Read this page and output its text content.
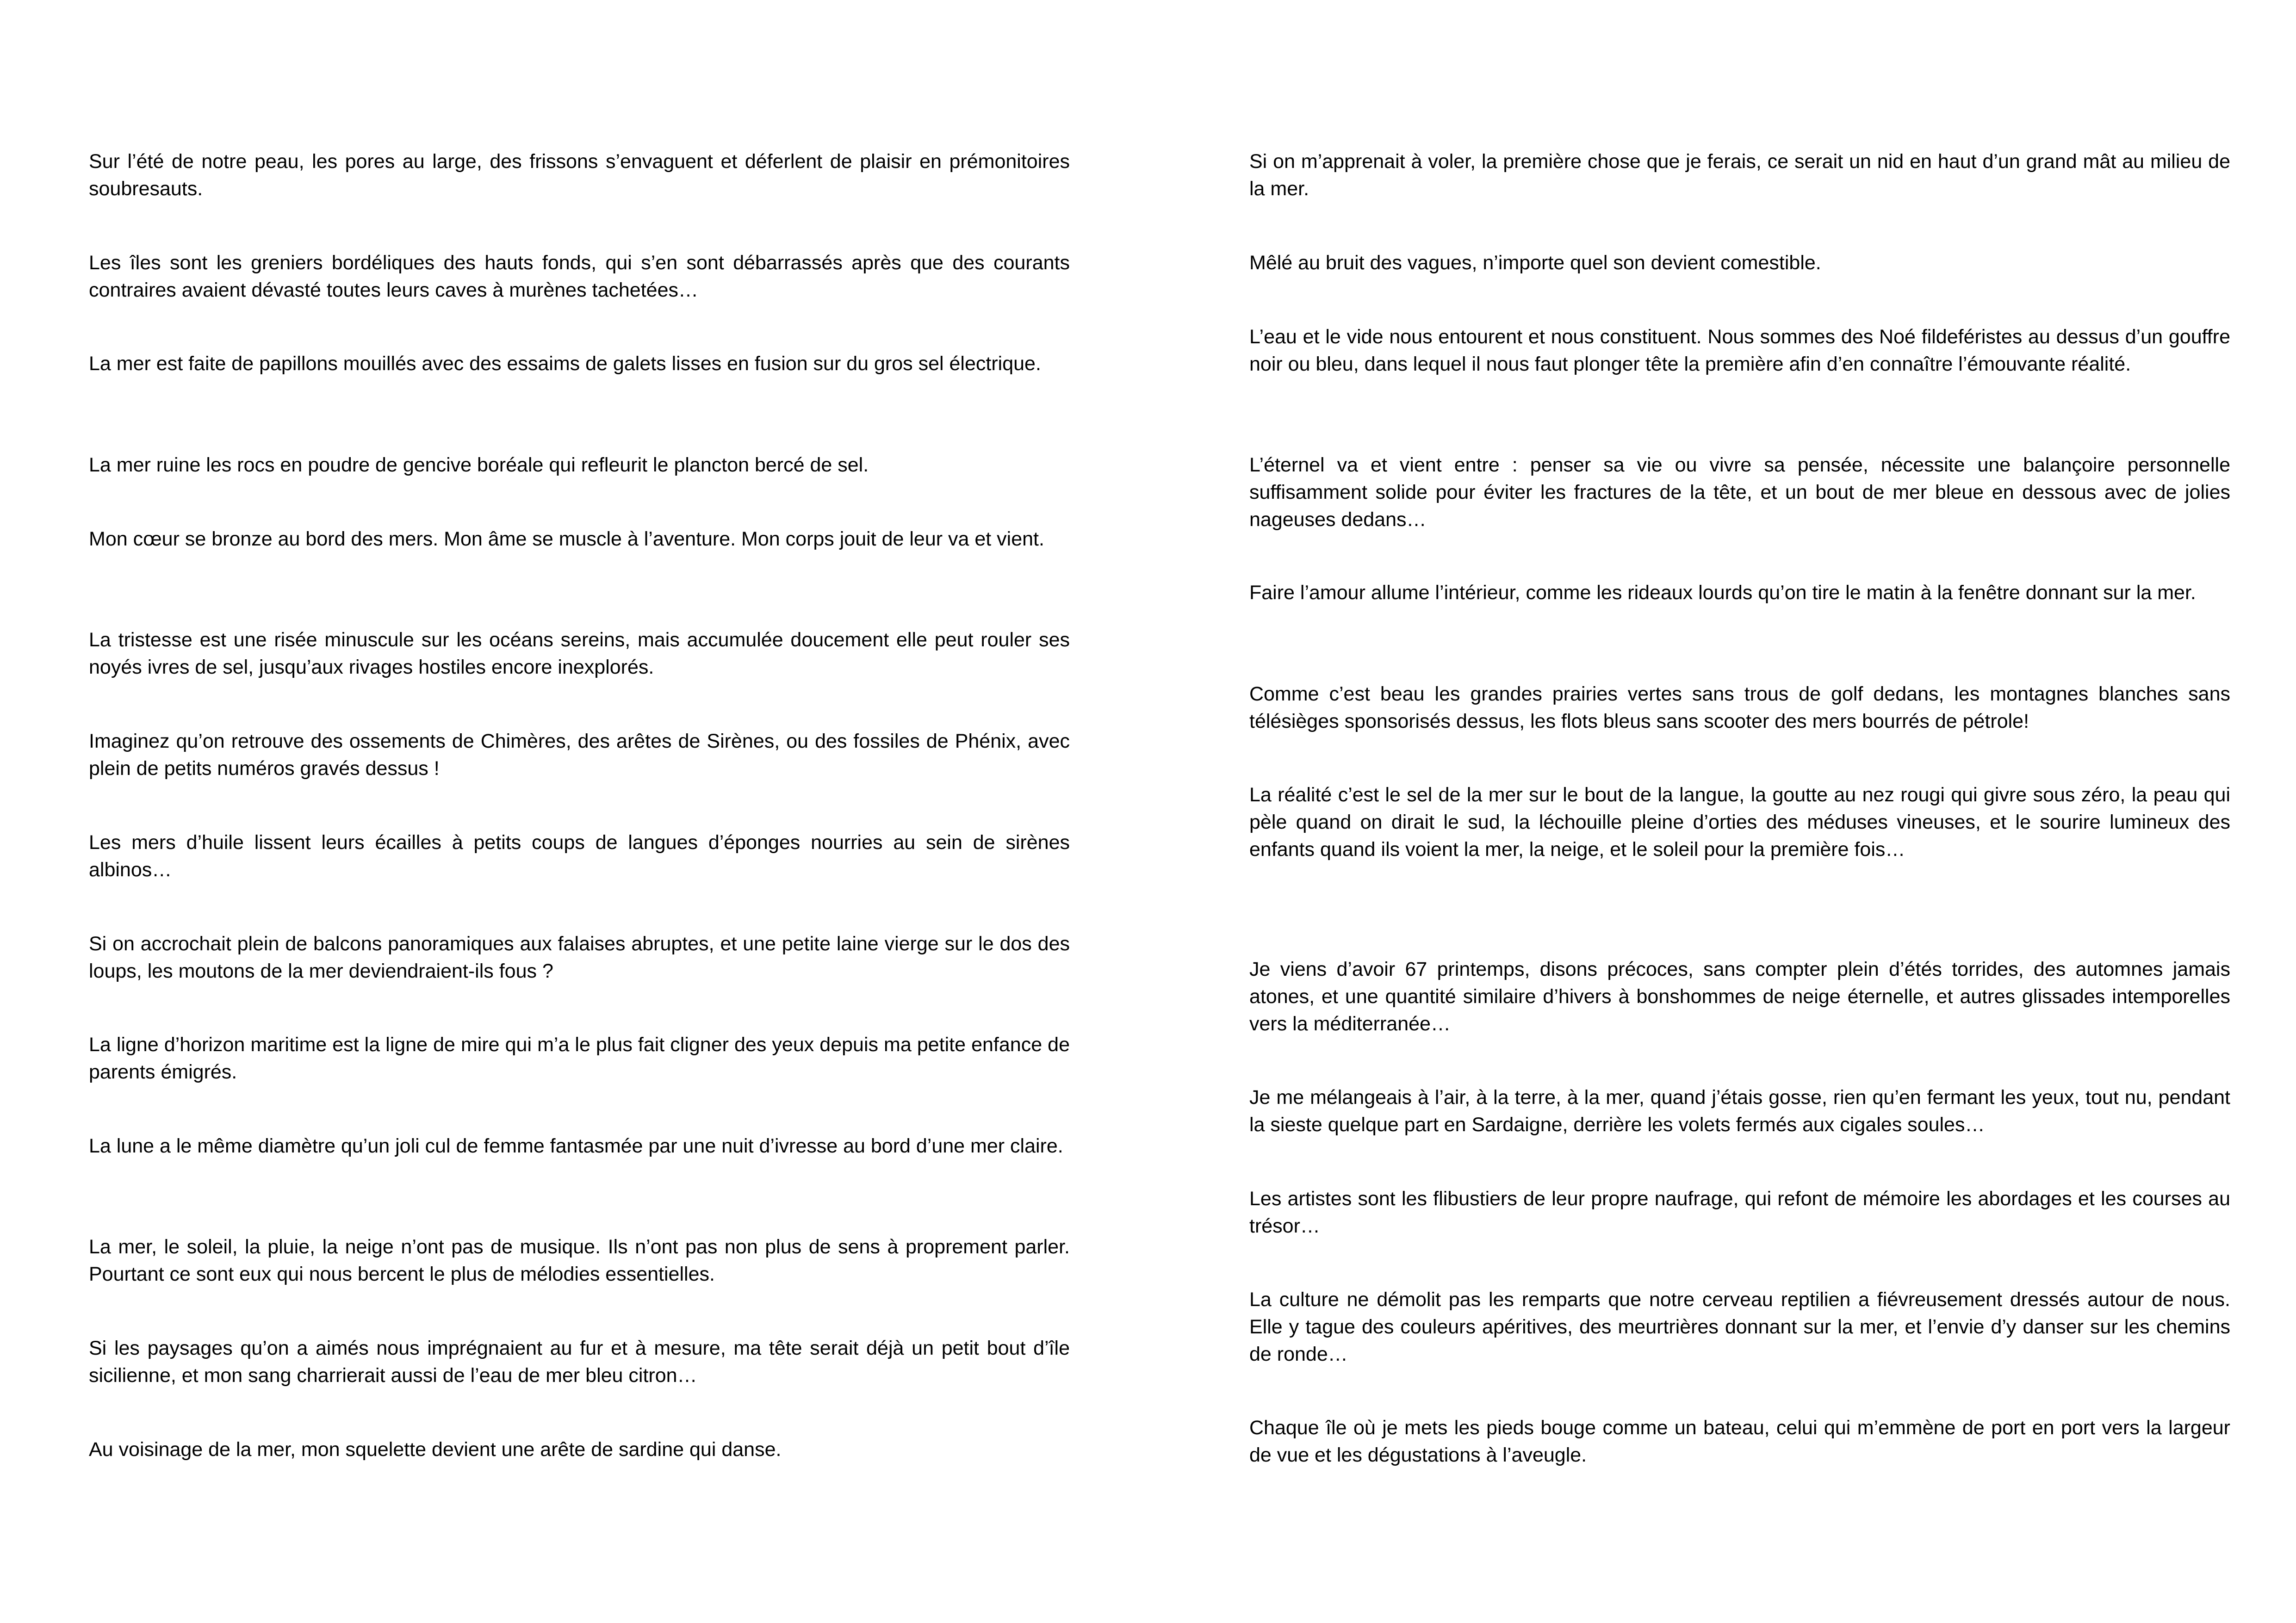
Sur l’été de notre peau, les pores au large, des frissons s’envaguent et déferlent de plaisir en prémonitoires soubresauts.

Les îles sont les greniers bordéliques des hauts fonds, qui s’en sont débarrassés après que des courants contraires avaient dévasté toutes leurs caves à murènes tachetées…

La mer est faite de papillons mouillés avec des essaims de galets lisses en fusion sur du gros sel électrique.

La mer ruine les rocs en poudre de gencive boréale qui refleurit le plancton bercé de sel.

Mon cœur se bronze au bord des mers. Mon âme se muscle à l’aventure. Mon corps jouit de leur va et vient.

La tristesse est une risée minuscule sur les océans sereins, mais accumulée doucement elle peut rouler ses noyés ivres de sel, jusqu’aux rivages hostiles encore inexplorés.

Imaginez qu’on retrouve des ossements de Chimères, des arêtes de Sirènes, ou des fossiles de Phénix, avec plein de petits numéros gravés dessus !

Les mers d’huile lissent leurs écailles à petits coups de langues d’éponges nourries au sein de sirènes albinos…

Si on accrochait plein de balcons panoramiques aux falaises abruptes, et une petite laine vierge sur le dos des loups, les moutons de la mer deviendraient-ils fous ?

La ligne d’horizon maritime est la ligne de mire qui m’a le plus fait cligner des yeux depuis ma petite enfance de parents émigrés.

La lune a le même diamètre qu’un joli cul de femme fantasmée par une nuit d’ivresse au bord d’une mer claire.

La mer, le soleil, la pluie, la neige n’ont pas de musique. Ils n’ont pas non plus de sens à proprement parler. Pourtant ce sont eux qui nous bercent le plus de mélodies essentielles.

Si les paysages qu’on a aimés nous imprégnaient au fur et à mesure, ma tête serait déjà un petit bout d’île sicilienne, et mon sang charrierait aussi de l’eau de mer bleu citron…

Au voisinage de la mer, mon squelette devient une arête de sardine qui danse.

Si on m’apprenait à voler, la première chose que je ferais, ce serait un nid en haut d’un grand mât au milieu de la mer.

Mêlé au bruit des vagues, n’importe quel son devient comestible.

L’eau et le vide nous entourent et nous constituent. Nous sommes des Noé fildeféristes au dessus d’un gouffre noir ou bleu, dans lequel il nous faut plonger tête la première afin d’en connaître l’émouvante réalité.

L’éternel va et vient entre : penser sa vie ou vivre sa pensée, nécessite une balançoire personnelle suffisamment solide pour éviter les fractures de la tête, et un bout de mer bleue en dessous avec de jolies nageuses dedans…

Faire l’amour allume l’intérieur, comme les rideaux lourds qu’on tire le matin à la fenêtre donnant sur la mer.

Comme c’est beau les grandes prairies vertes sans trous de golf dedans, les montagnes blanches sans télésièges sponsorisés dessus, les flots bleus sans scooter des mers bourrés de pétrole!

La réalité c’est le sel de la mer sur le bout de la langue, la goutte au nez rougi qui givre sous zéro, la peau qui pèle quand on dirait le sud, la léchouille pleine d’orties des méduses vineuses, et le sourire lumineux des enfants quand ils voient la mer, la neige, et le soleil pour la première fois…

Je viens d’avoir 67 printemps, disons précoces, sans compter plein d’étés torrides, des automnes jamais atones, et une quantité similaire d’hivers à bonshommes de neige éternelle, et autres glissades intemporelles vers la méditerranée…

Je me mélangeais à l’air, à la terre, à la mer, quand j’étais gosse, rien qu’en fermant les yeux, tout nu, pendant la sieste quelque part en Sardaigne, derrière les volets fermés aux cigales soules…

Les artistes sont les flibustiers de leur propre naufrage, qui refont de mémoire les abordages et les courses au trésor…

La culture ne démolit pas les remparts que notre cerveau reptilien a fiévreusement dressés autour de nous. Elle y tague des couleurs apéritives, des meurtrières donnant sur la mer, et l’envie d’y danser sur les chemins de ronde…

Chaque île où je mets les pieds bouge comme un bateau, celui qui m’emmène de port en port vers la largeur de vue et les dégustations à l’aveugle.
